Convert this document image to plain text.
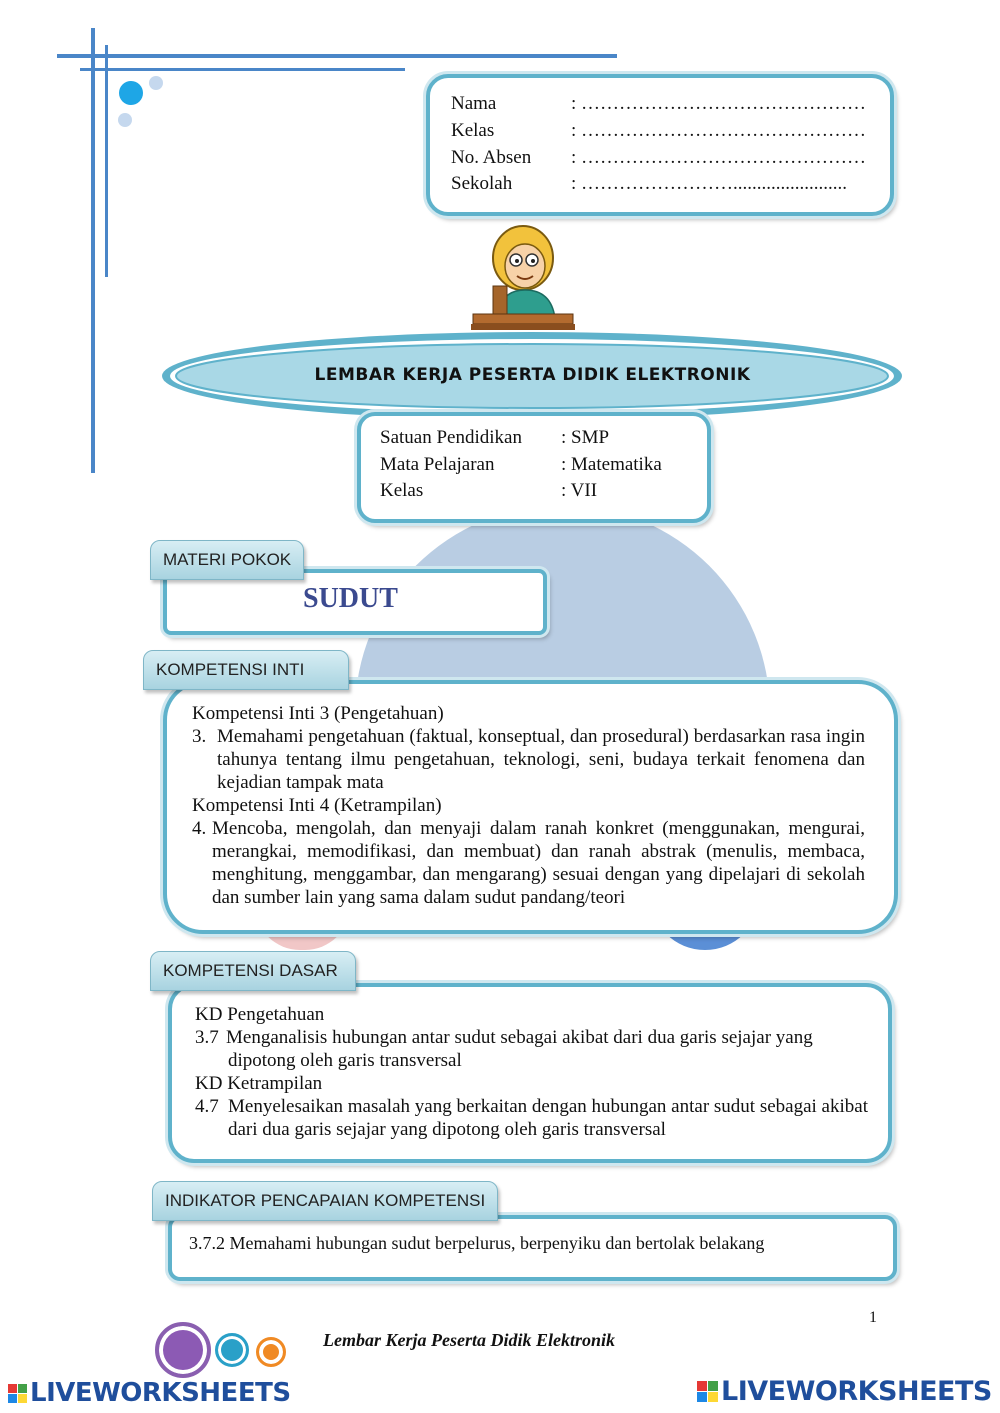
Nama	: ………………………………………
Kelas	: ………………………………………
No. Absen : ………………………………………
Sekolah	: ……………………........................
LEMBAR KERJA PESERTA DIDIK ELEKTRONIK
Satuan Pendidikan : SMP
Mata Pelajaran	: Matematika
Kelas	: VII
MATERI POKOK
SUDUT
KOMPETENSI INTI
Kompetensi Inti 3 (Pengetahuan)
3. Memahami pengetahuan (faktual, konseptual, dan prosedural) berdasarkan rasa ingin tahunya tentang ilmu pengetahuan, teknologi, seni, budaya terkait fenomena dan kejadian tampak mata
Kompetensi Inti 4 (Ketrampilan)
4. Mencoba, mengolah, dan menyaji dalam ranah konkret (menggunakan, mengurai, merangkai, memodifikasi, dan membuat) dan ranah abstrak (menulis, membaca, menghitung, menggambar, dan mengarang) sesuai dengan yang dipelajari di sekolah dan sumber lain yang sama dalam sudut pandang/teori
KOMPETENSI DASAR
KD Pengetahuan
3.7 Menganalisis hubungan antar sudut sebagai akibat dari dua garis sejajar yang dipotong oleh garis transversal
KD Ketrampilan
4.7 Menyelesaikan masalah yang berkaitan dengan hubungan antar sudut sebagai akibat dari dua garis sejajar yang dipotong oleh garis transversal
INDIKATOR PENCAPAIAN KOMPETENSI
3.7.2 Memahami hubungan sudut berpelurus, berpenyiku dan bertolak belakang
1
Lembar Kerja Peserta Didik Elektronik
LIVEWORKSHEETS	LIVEWORKSHEETS
